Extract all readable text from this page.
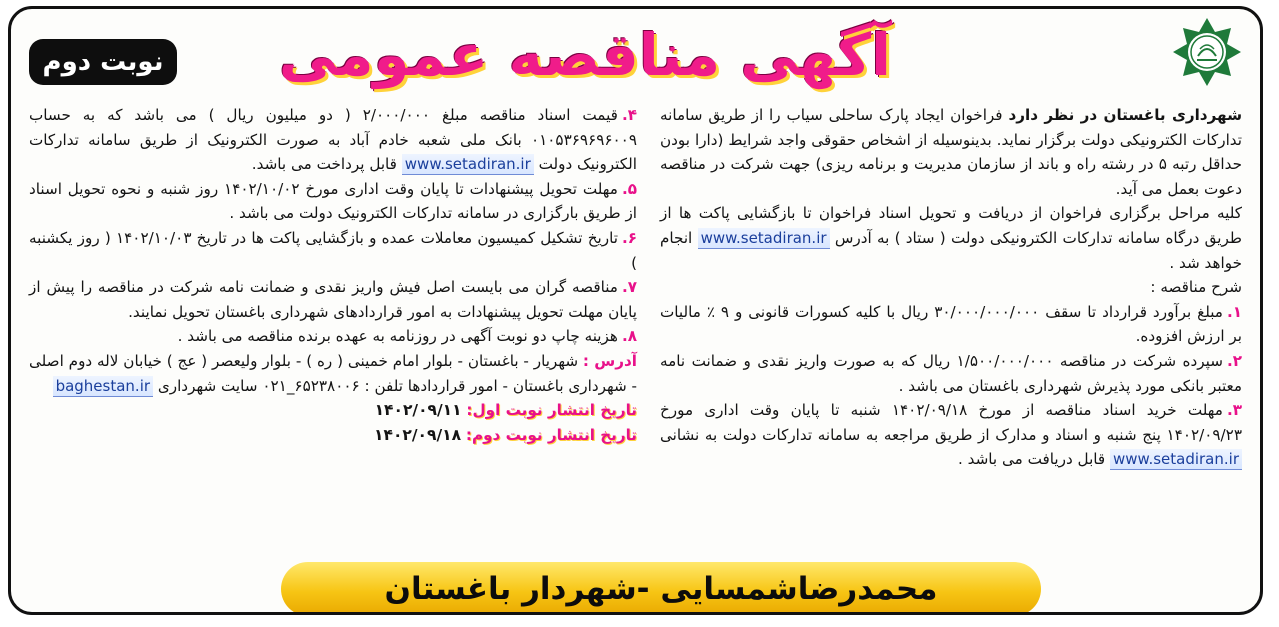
آگهی مناقصه عمومی
نوبت دوم

شهرداری باغستان در نظر دارد فراخوان ایجاد پارک ساحلی سیاب را از طریق سامانه تدارکات الکترونیکی دولت برگزار نماید. بدینوسیله از اشخاص حقوقی واجد شرایط (دارا بودن حداقل رتبه ۵ در رشته راه و باند از سازمان مدیریت و برنامه ریزی) جهت شرکت در مناقصه دعوت بعمل می آید.

کلیه مراحل برگزاری فراخوان از دریافت و تحویل اسناد فراخوان تا بازگشایی پاکت ها از طریق درگاه سامانه تدارکات الکترونیکی دولت ( ستاد ) به آدرس www.setadiran.ir انجام خواهد شد .

شرح مناقصه :

۱.مبلغ برآورد قرارداد تا سقف ۳۰/۰۰۰/۰۰۰/۰۰۰ ریال با کلیه کسورات قانونی و ۹ ٪ مالیات بر ارزش افزوده.

۲.سپرده شرکت در مناقصه ۱/۵۰۰/۰۰۰/۰۰۰ ریال که به صورت واریز نقدی و ضمانت نامه معتبر بانکی مورد پذیرش شهرداری باغستان می باشد .

۳.مهلت خرید اسناد مناقصه از مورخ ۱۴۰۲/۰۹/۱۸ شنبه تا پایان وقت اداری مورخ ۱۴۰۲/۰۹/۲۳ پنج شنبه و اسناد و مدارک از طریق مراجعه به سامانه تدارکات دولت به نشانی www.setadiran.ir قابل دریافت می باشد .

۴.قیمت اسناد مناقصه مبلغ ۲/۰۰۰/۰۰۰ ( دو میلیون ریال ) می باشد که به حساب ۰۱۰۵۳۶۹۶۹۶۰۰۹ بانک ملی شعبه خادم آباد به صورت الکترونیک از طریق سامانه تدارکات الکترونیک دولت www.setadiran.ir قابل پرداخت می باشد.

۵.مهلت تحویل پیشنهادات تا پایان وقت اداری مورخ ۱۴۰۲/۱۰/۰۲ روز شنبه و نحوه تحویل اسناد از طریق بارگزاری در سامانه تدارکات الکترونیک دولت می باشد .

۶.تاریخ تشکیل کمیسیون معاملات عمده و بازگشایی پاکت ها در تاریخ ۱۴۰۲/۱۰/۰۳ ( روز یکشنبه )

۷.مناقصه گران می بایست اصل فیش واریز نقدی و ضمانت نامه شرکت در مناقصه را پیش از پایان مهلت تحویل پیشنهادات به امور قراردادهای شهرداری باغستان تحویل نمایند.

۸.هزینه چاپ دو نوبت آگهی در روزنامه به عهده برنده مناقصه می باشد .

آدرس : شهریار - باغستان - بلوار امام خمینی ( ره ) - بلوار ولیعصر ( عج ) خیابان لاله دوم اصلی - شهرداری باغستان - امور قراردادها تلفن : ۶۵۲۳۸۰۰۶_۰۲۱ سایت شهرداری baghestan.ir

تاریخ انتشار نوبت اول: ۱۴۰۲/۰۹/۱۱

تاریخ انتشار نوبت دوم: ۱۴۰۲/۰۹/۱۸

محمدرضاشمسایی -شهردار باغستان
